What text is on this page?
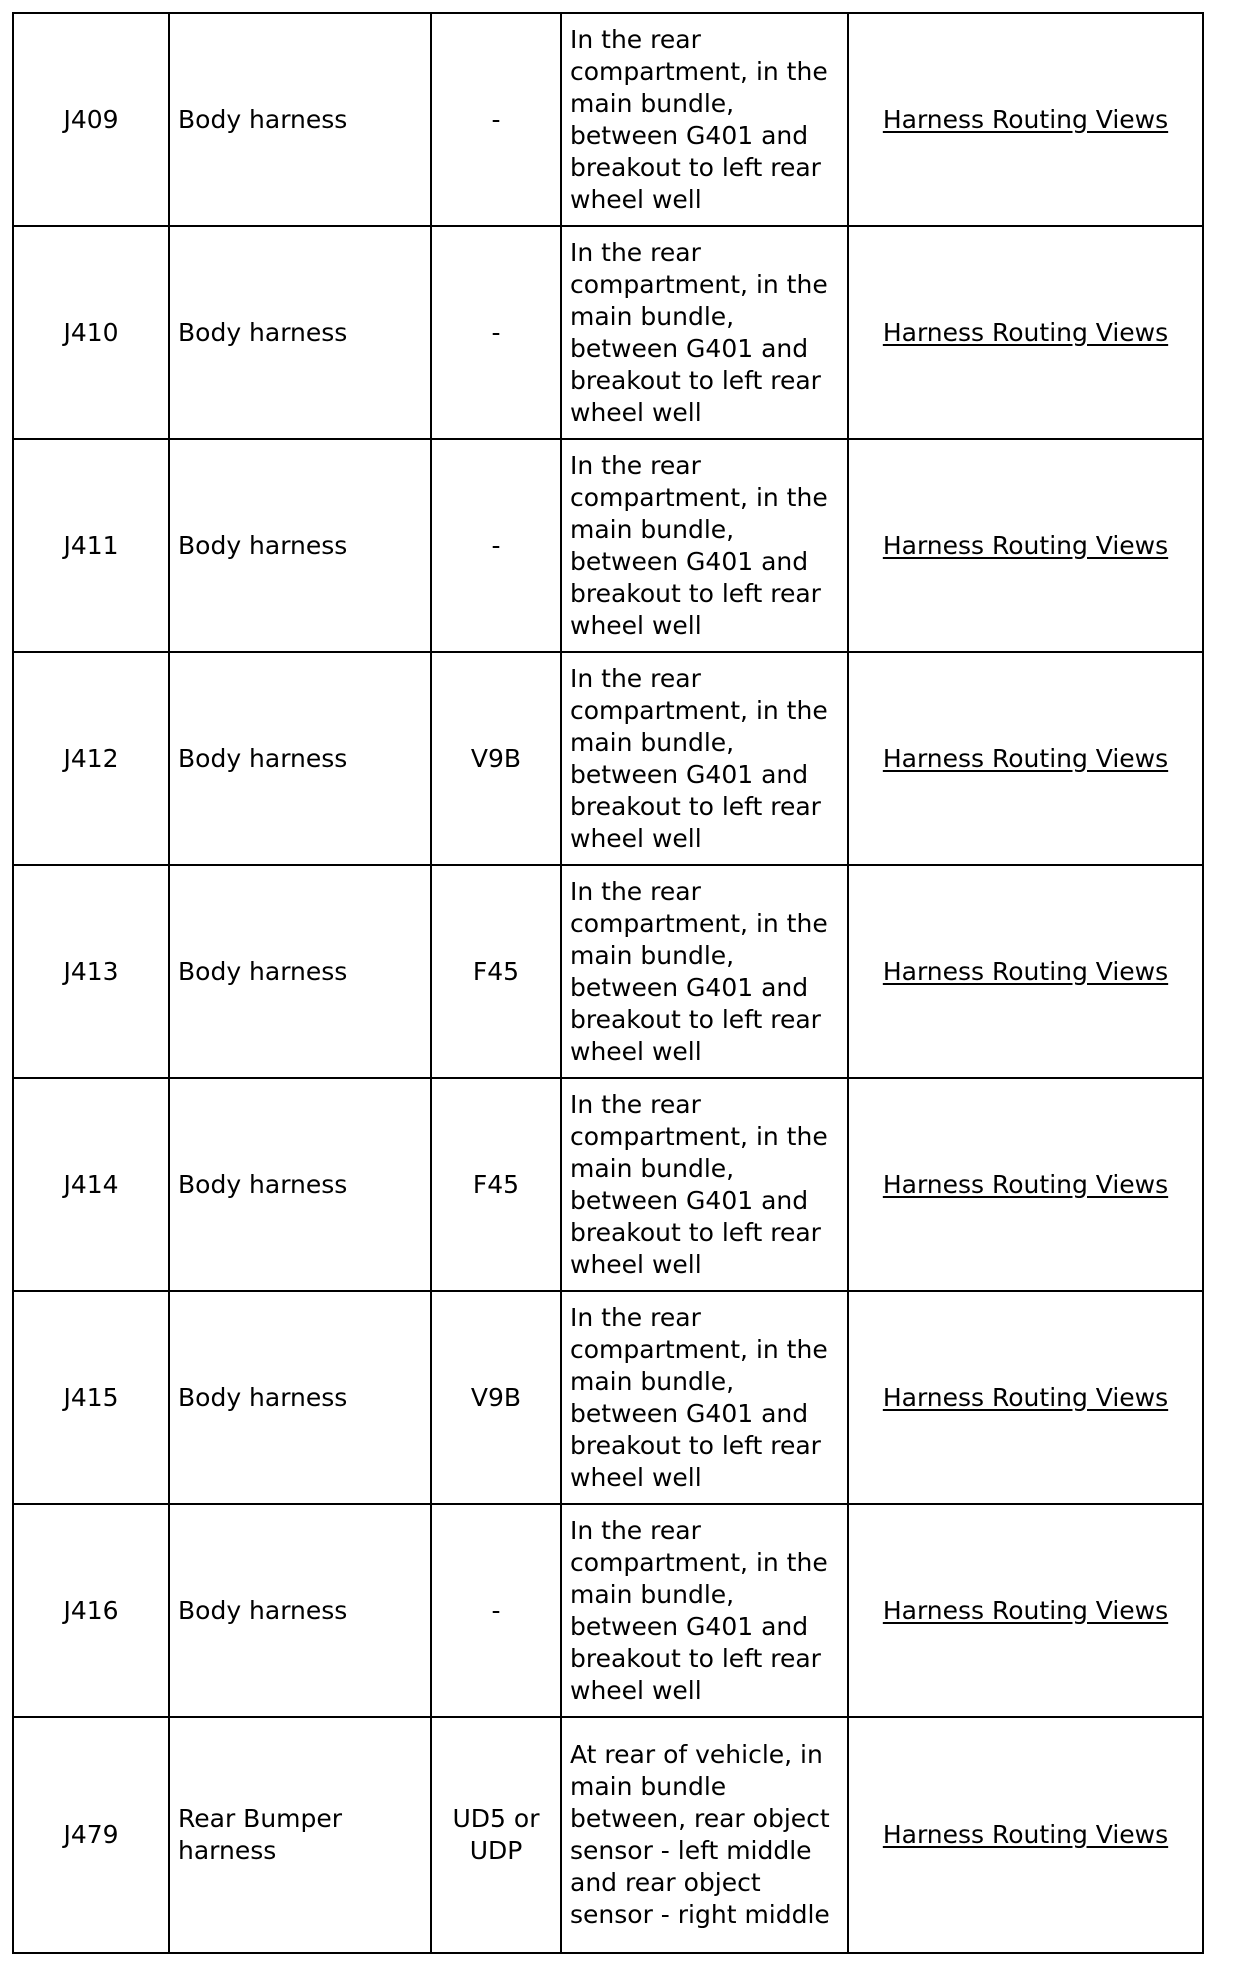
J409	Body harness	-	In the rear compartment, in the main bundle, between G401 and breakout to left rear wheel well	Harness Routing Views
J410	Body harness	-	In the rear compartment, in the main bundle, between G401 and breakout to left rear wheel well	Harness Routing Views
J411	Body harness	-	In the rear compartment, in the main bundle, between G401 and breakout to left rear wheel well	Harness Routing Views
J412	Body harness	V9B	In the rear compartment, in the main bundle, between G401 and breakout to left rear wheel well	Harness Routing Views
J413	Body harness	F45	In the rear compartment, in the main bundle, between G401 and breakout to left rear wheel well	Harness Routing Views
J414	Body harness	F45	In the rear compartment, in the main bundle, between G401 and breakout to left rear wheel well	Harness Routing Views
J415	Body harness	V9B	In the rear compartment, in the main bundle, between G401 and breakout to left rear wheel well	Harness Routing Views
J416	Body harness	-	In the rear compartment, in the main bundle, between G401 and breakout to left rear wheel well	Harness Routing Views
J479	Rear Bumper harness	UD5 or UDP	At rear of vehicle, in main bundle between, rear object sensor - left middle and rear object sensor - right middle	Harness Routing Views
